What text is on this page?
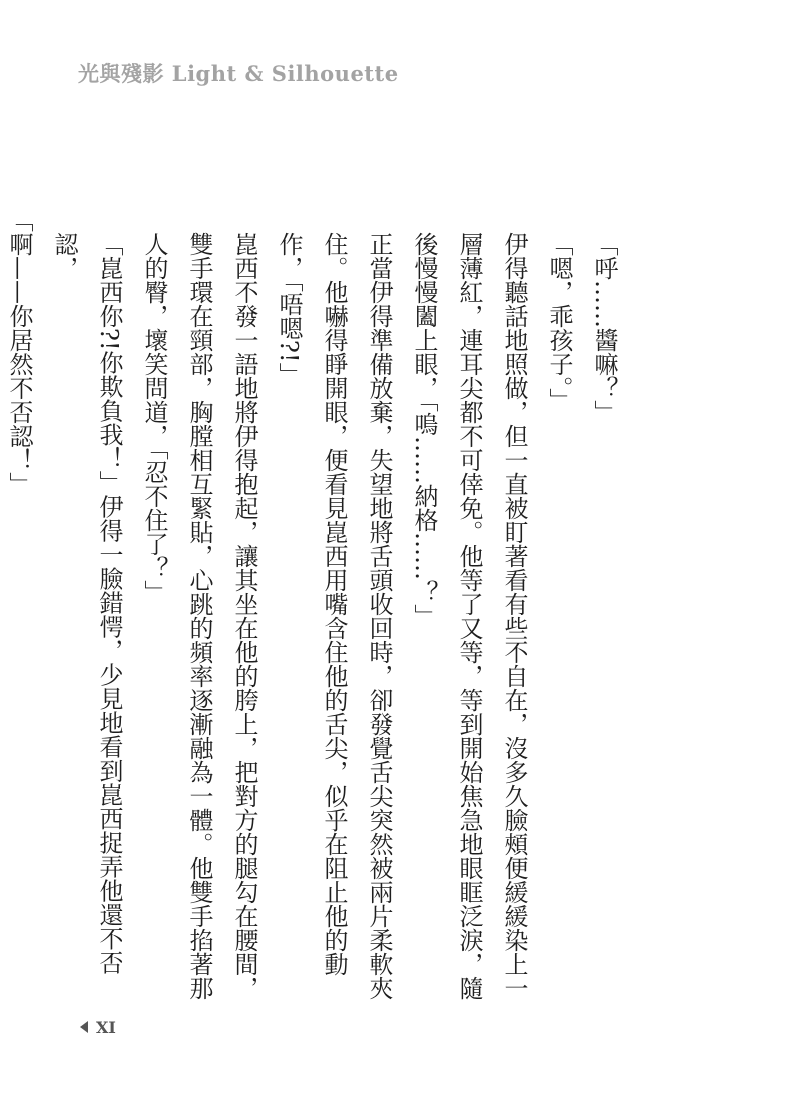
光與殘影 Light & Silhouette

「呼……醬嘛？」

「嗯，乖孩子。」

伊得聽話地照做，但一直被盯著看有些不自在，沒多久臉頰便緩緩染上一層薄紅，連耳尖都不可倖免。他等了又等，等到開始焦急地眼眶泛淚，隨後慢慢闔上眼，「嗚……納格……？」

正當伊得準備放棄，失望地將舌頭收回時，卻發覺舌尖突然被兩片柔軟夾住。他嚇得睜開眼，便看見崑西用嘴含住他的舌尖，似乎在阻止他的動作，「唔嗯?!」

崑西不發一語地將伊得抱起，讓其坐在他的胯上，把對方的腿勾在腰間，雙手環在頸部，胸膛相互緊貼，心跳的頻率逐漸融為一體。他雙手掐著那人的臀，壞笑問道，「忍不住了？」

「崑西你?!你欺負我！」伊得一臉錯愕，少見地看到崑西捉弄他還不否認，

「啊——你居然不否認！」

XI
